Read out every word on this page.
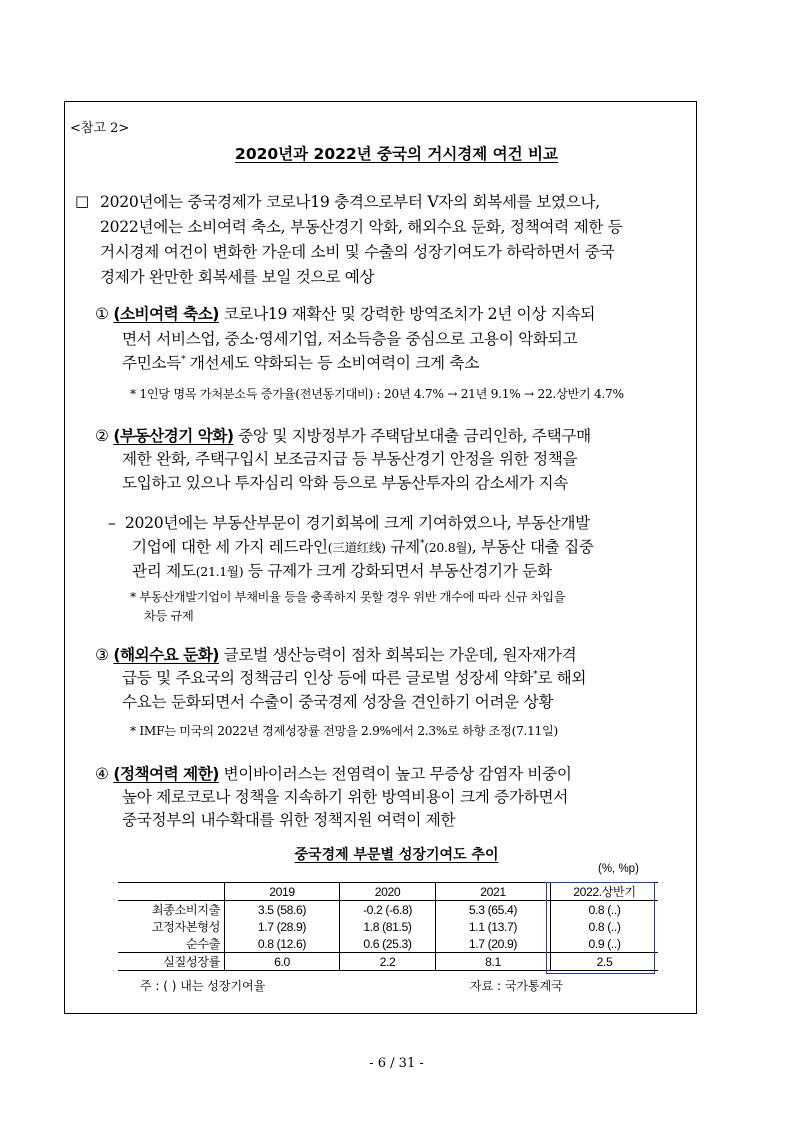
<참고 2>
2020년과 2022년 중국의 거시경제 여건 비교
□ 2020년에는 중국경제가 코로나19 충격으로부터 V자의 회복세를 보였으나,
2022년에는 소비여력 축소, 부동산경기 악화, 해외수요 둔화, 정책여력 제한 등
거시경제 여건이 변화한 가운데 소비 및 수출의 성장기여도가 하락하면서 중국
경제가 완만한 회복세를 보일 것으로 예상
① (소비여력 축소) 코로나19 재확산 및 강력한 방역조치가 2년 이상 지속되
면서 서비스업, 중소·영세기업, 저소득층을 중심으로 고용이 악화되고
주민소득* 개선세도 약화되는 등 소비여력이 크게 축소
* 1인당 명목 가처분소득 증가율(전년동기대비) : 20년 4.7% → 21년 9.1% → 22.상반기 4.7%
② (부동산경기 악화) 중앙 및 지방정부가 주택담보대출 금리인하, 주택구매
제한 완화, 주택구입시 보조금지급 등 부동산경기 안정을 위한 정책을
도입하고 있으나 투자심리 악화 등으로 부동산투자의 감소세가 지속
– 2020년에는 부동산부문이 경기회복에 크게 기여하였으나, 부동산개발
기업에 대한 세 가지 레드라인(三道红线) 규제*(20.8월), 부동산 대출 집중
관리 제도(21.1월) 등 규제가 크게 강화되면서 부동산경기가 둔화
* 부동산개발기업이 부채비율 등을 충족하지 못할 경우 위반 개수에 따라 신규 차입을
차등 규제
③ (해외수요 둔화) 글로벌 생산능력이 점차 회복되는 가운데, 원자재가격
급등 및 주요국의 정책금리 인상 등에 따른 글로벌 성장세 약화*로 해외
수요는 둔화되면서 수출이 중국경제 성장을 견인하기 어려운 상황
* IMF는 미국의 2022년 경제성장률 전망을 2.9%에서 2.3%로 하향 조정(7.11일)
④ (정책여력 제한) 변이바이러스는 전염력이 높고 무증상 감염자 비중이
높아 제로코로나 정책을 지속하기 위한 방역비용이 크게 증가하면서
중국정부의 내수확대를 위한 정책지원 여력이 제한
중국경제 부문별 성장기여도 추이
(%, %p)
	2019	2020	2021	2022.상반기
최종소비지출	3.5 (58.6)	-0.2 (-6.8)	5.3 (65.4)	0.8 (..)
고정자본형성	1.7 (28.9)	1.8 (81.5)	1.1 (13.7)	0.8 (..)
순수출	0.8 (12.6)	0.6 (25.3)	1.7 (20.9)	0.9 (..)
실질성장률	6.0	2.2	8.1	2.5
주 : ( ) 내는 성장기여율	자료 : 국가통계국
- 6 / 31 -
